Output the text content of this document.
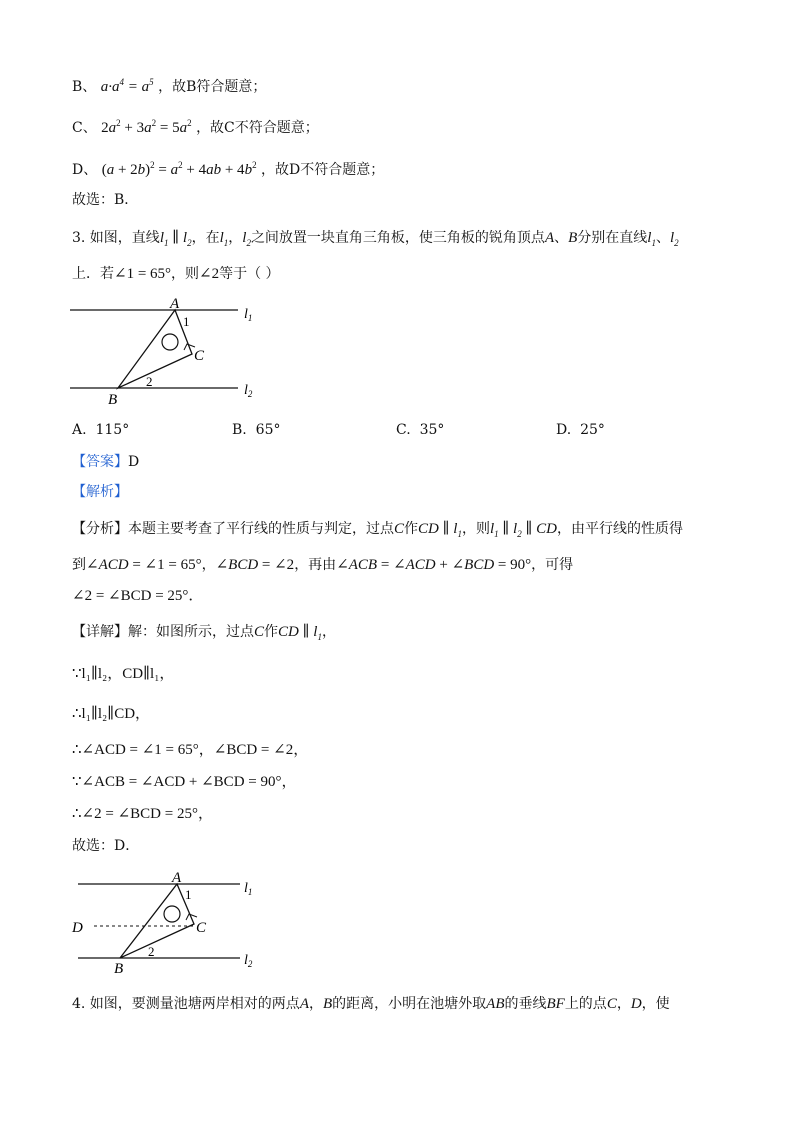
B、 $a\cdot a^4 = a^5$ ，故B符合题意；
C、 $2a^2 + 3a^2 = 5a^2$ ，故C不符合题意；
D、 $(a + 2b)^2 = a^2 + 4ab + 4b^2$ ，故D不符合题意；
故选：B．
3. 如图，直线$l_1$ ∥ $l_2$，在$l_1$，$l_2$之间放置一块直角三角板，使三角板的锐角顶点A、B分别在直线$l_1$、$l_2$
上．若∠1 = 65°，则∠2等于（ ）
A
B
C
1
2
$l_1$
$l_2$
A. 115°	B. 65°	C. 35°	D. 25°
【答案】D
【解析】
【分析】本题主要考查了平行线的性质与判定，过点C作CD ∥ $l_1$，则$l_1$ ∥ $l_2$ ∥ CD，由平行线的性质得
到∠ACD = ∠1 = 65°，∠BCD = ∠2，再由∠ACB = ∠ACD + ∠BCD = 90°，可得
∠2 = ∠BCD = 25°．
【详解】解：如图所示，过点C作CD ∥ $l_1$，
∵l₁∥l₂，CD∥l₁，
∴l₁∥l₂∥CD，
∴∠ACD = ∠1 = 65°，∠BCD = ∠2，
∵∠ACB = ∠ACD + ∠BCD = 90°，
∴∠2 = ∠BCD = 25°，
故选：D．
A
B
C
D
1
2
$l_1$
$l_2$
4. 如图，要测量池塘两岸相对的两点A，B的距离，小明在池塘外取AB的垂线BF上的点C，D，使
